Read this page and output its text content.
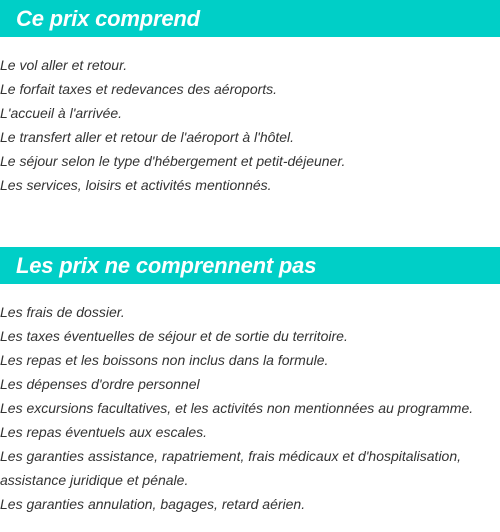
Ce prix comprend
Le vol aller et retour.
Le forfait taxes et redevances des aéroports.
L'accueil à l'arrivée.
Le transfert aller et retour de l'aéroport à l'hôtel.
Le séjour selon le type d'hébergement et petit-déjeuner.
Les services, loisirs et activités mentionnés.
Les prix ne comprennent pas
Les frais de dossier.
Les taxes éventuelles de séjour et de sortie du territoire.
Les repas et les boissons non inclus dans la formule.
Les dépenses d'ordre personnel
Les excursions facultatives, et les activités non mentionnées au programme.
Les repas éventuels aux escales.
Les garanties assistance, rapatriement, frais médicaux et d'hospitalisation,
assistance juridique et pénale.
Les garanties annulation, bagages, retard aérien.
